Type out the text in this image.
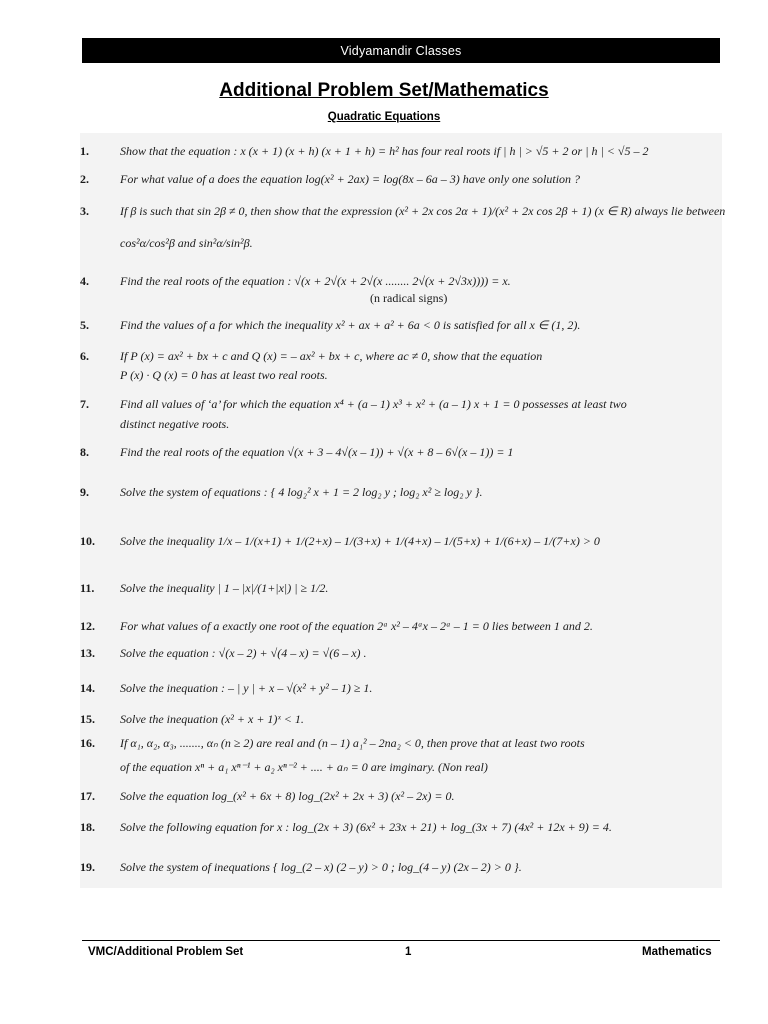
Vidyamandir Classes
Additional Problem Set/Mathematics
Quadratic Equations
1.	Show that the equation : x (x + 1) (x + h) (x + 1 + h) = h² has four real roots if | h | > √5 + 2 or | h | < √5 – 2
2.	For what value of a does the equation log(x² + 2ax) = log(8x – 6a – 3) have only one solution ?
3.	If β is such that sin 2β ≠ 0, then show that the expression (x² + 2x cos 2α + 1)/(x² + 2x cos 2β + 1) (x ∈ R) always lie between
cos²α/cos²β and sin²α/sin²β.
4.	Find the real roots of the equation : √(x + 2√(x + 2√(x ........ 2√(x + 2√3x)))) = x.
(n radical signs)
5.	Find the values of a for which the inequality x² + ax + a² + 6a < 0 is satisfied for all x ∈ (1, 2).
6.	If P (x) = ax² + bx + c and Q (x) = – ax² + bx + c, where ac ≠ 0, show that the equation
P (x) · Q (x) = 0 has at least two real roots.
7.	Find all values of ‘a’ for which the equation x⁴ + (a – 1) x³ + x² + (a – 1) x + 1 = 0 possesses at least two
distinct negative roots.
8.	Find the real roots of the equation √(x + 3 – 4√(x – 1)) + √(x + 8 – 6√(x – 1)) = 1
9.	Solve the system of equations : { 4 log₂² x + 1 = 2 log₂ y ; log₂ x² ≥ log₂ y }.
10.	Solve the inequality 1/x – 1/(x+1) + 1/(2+x) – 1/(3+x) + 1/(4+x) – 1/(5+x) + 1/(6+x) – 1/(7+x) > 0
11.	Solve the inequality | 1 – |x|/(1+|x|) | ≥ 1/2.
12.	For what values of a exactly one root of the equation 2ᵃ x² – 4ᵃx – 2ᵃ – 1 = 0 lies between 1 and 2.
13.	Solve the equation : √(x – 2) + √(4 – x) = √(6 – x) .
14.	Solve the inequation : – | y | + x – √(x² + y² – 1) ≥ 1.
15.	Solve the inequation (x² + x + 1)ˣ < 1.
16.	If α₁, α₂, α₃, ......., αₙ (n ≥ 2) are real and (n – 1) a₁² – 2na₂ < 0, then prove that at least two roots
of the equation xⁿ + a₁ xⁿ⁻¹ + a₂ xⁿ⁻² + .... + aₙ = 0 are imginary. (Non real)
17.	Solve the equation log_(x² + 6x + 8) log_(2x² + 2x + 3) (x² – 2x) = 0.
18.	Solve the following equation for x : log_(2x + 3) (6x² + 23x + 21) + log_(3x + 7) (4x² + 12x + 9) = 4.
19.	Solve the system of inequations { log_(2 – x) (2 – y) > 0 ; log_(4 – y) (2x – 2) > 0 }.
VMC/Additional Problem Set	1	Mathematics
